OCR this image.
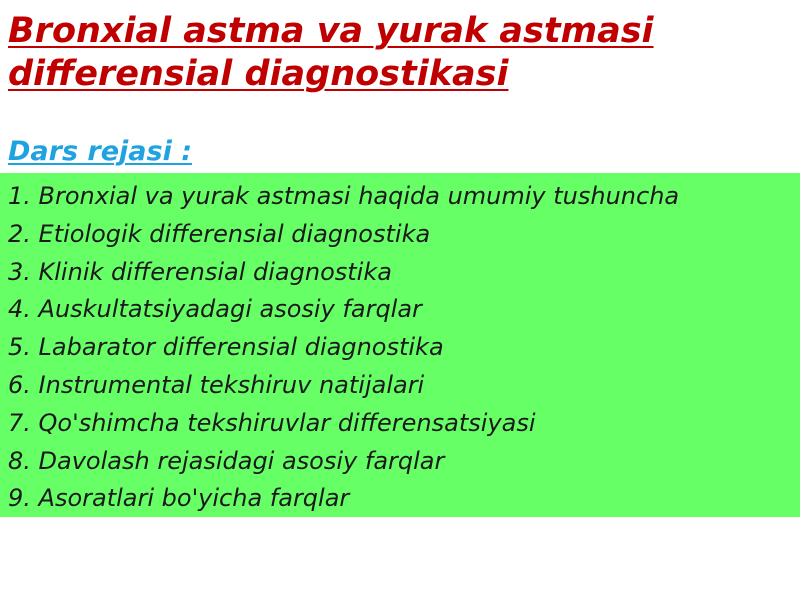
Bronxial astma va yurak astmasi
differensial diagnostikasi
Dars rejasi :
1. Bronxial va yurak astmasi haqida umumiy tushuncha
2. Etiologik differensial diagnostika
3. Klinik differensial diagnostika
4. Auskultatsiyadagi asosiy farqlar
5. Labarator differensial diagnostika
6. Instrumental tekshiruv natijalari
7. Qo'shimcha tekshiruvlar differensatsiyasi
8. Davolash rejasidagi asosiy farqlar
9. Asoratlari bo'yicha farqlar
